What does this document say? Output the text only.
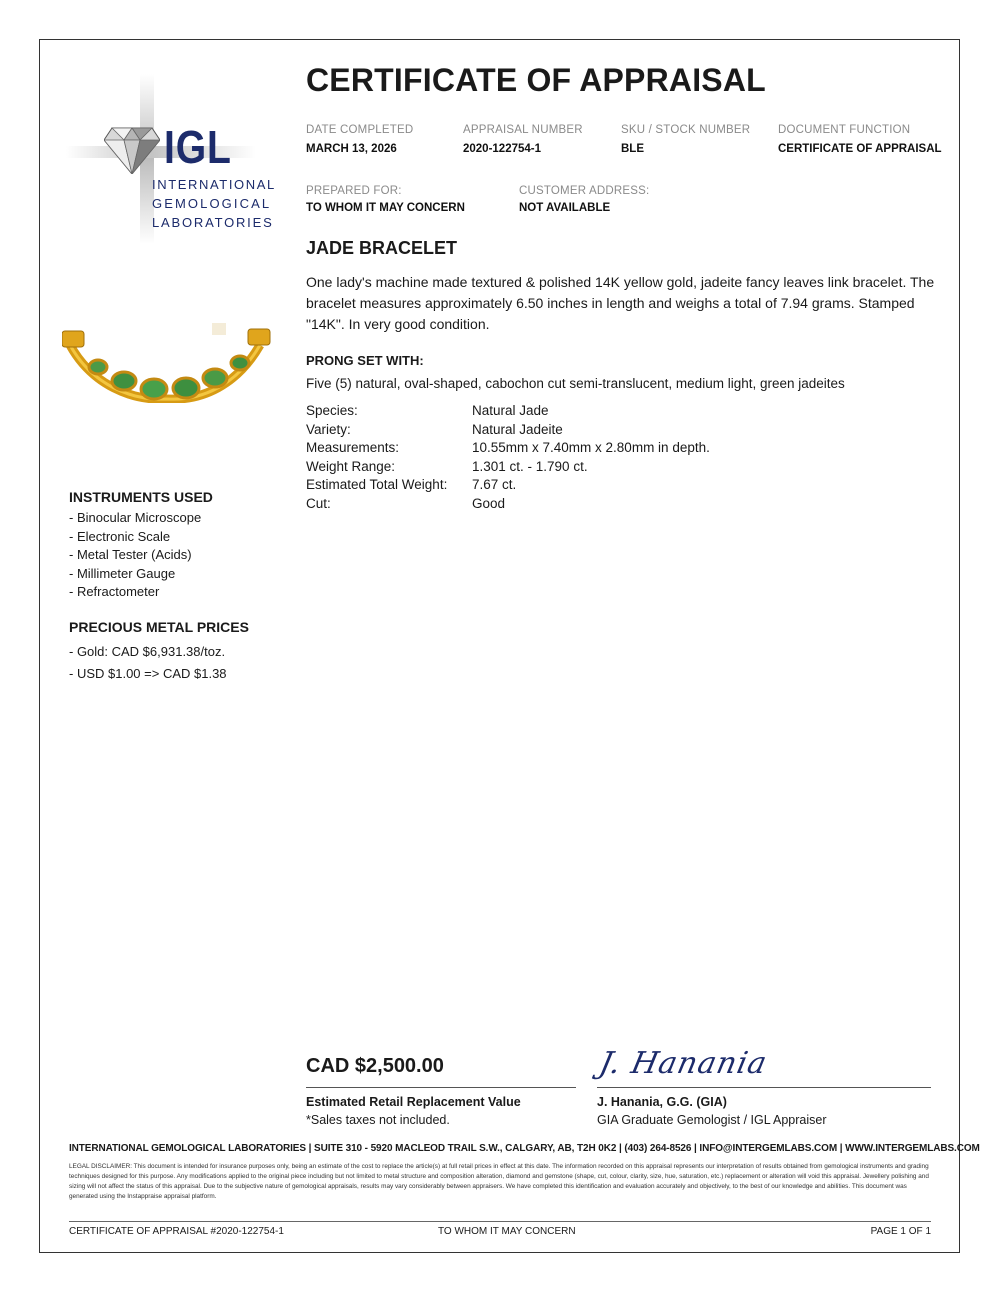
IGL
INTERNATIONAL
GEMOLOGICAL
LABORATORIES
CERTIFICATE OF APPRAISAL
DATE COMPLETED
MARCH 13, 2026
APPRAISAL NUMBER
2020-122754-1
SKU / STOCK NUMBER
BLE
DOCUMENT FUNCTION
CERTIFICATE OF APPRAISAL
PREPARED FOR:
TO WHOM IT MAY CONCERN
CUSTOMER ADDRESS:
NOT AVAILABLE
JADE BRACELET

One lady's machine made textured & polished 14K yellow gold, jadeite fancy leaves link bracelet. The bracelet measures approximately 6.50 inches in length and weighs a total of 7.94 grams. Stamped "14K". In very good condition.

PRONG SET WITH:

Five (5) natural, oval-shaped, cabochon cut semi-translucent, medium light, green jadeites

Species:	Natural Jade
Variety:	Natural Jadeite
Measurements:	10.55mm x 7.40mm x 2.80mm in depth.
Weight Range:	1.301 ct. - 1.790 ct.
Estimated Total Weight:	7.67 ct.
Cut:	Good
INSTRUMENTS USED
- Binocular Microscope
- Electronic Scale
- Metal Tester (Acids)
- Millimeter Gauge
- Refractometer
PRECIOUS METAL PRICES
- Gold: CAD $6,931.38/toz.
- USD $1.00 => CAD $1.38
CAD $2,500.00
Estimated Retail Replacement Value
*Sales taxes not included.
J. Hanania
J. Hanania, G.G. (GIA)
GIA Graduate Gemologist / IGL Appraiser
INTERNATIONAL GEMOLOGICAL LABORATORIES | SUITE 310 - 5920 MACLEOD TRAIL S.W., CALGARY, AB, T2H 0K2 | (403) 264-8526 | INFO@INTERGEMLABS.COM | WWW.INTERGEMLABS.COM

LEGAL DISCLAIMER: This document is intended for insurance purposes only, being an estimate of the cost to replace the article(s) at full retail prices in effect at this date. The information recorded on this appraisal represents our interpretation of results obtained from gemological instruments and grading techniques designed for this purpose. Any modifications applied to the original piece including but not limited to metal structure and composition alteration, diamond and gemstone (shape, cut, colour, clarity, size, hue, saturation, etc.) replacement or alteration will void this appraisal. Jewellery polishing and sizing will not affect the status of this appraisal. Due to the subjective nature of gemological appraisals, results may vary considerably between appraisers. We have completed this identification and evaluation accurately and objectively, to the best of our knowledge and abilities. This document was generated using the Instappraise appraisal platform.

CERTIFICATE OF APPRAISAL #2020-122754-1	TO WHOM IT MAY CONCERN	PAGE 1 OF 1
